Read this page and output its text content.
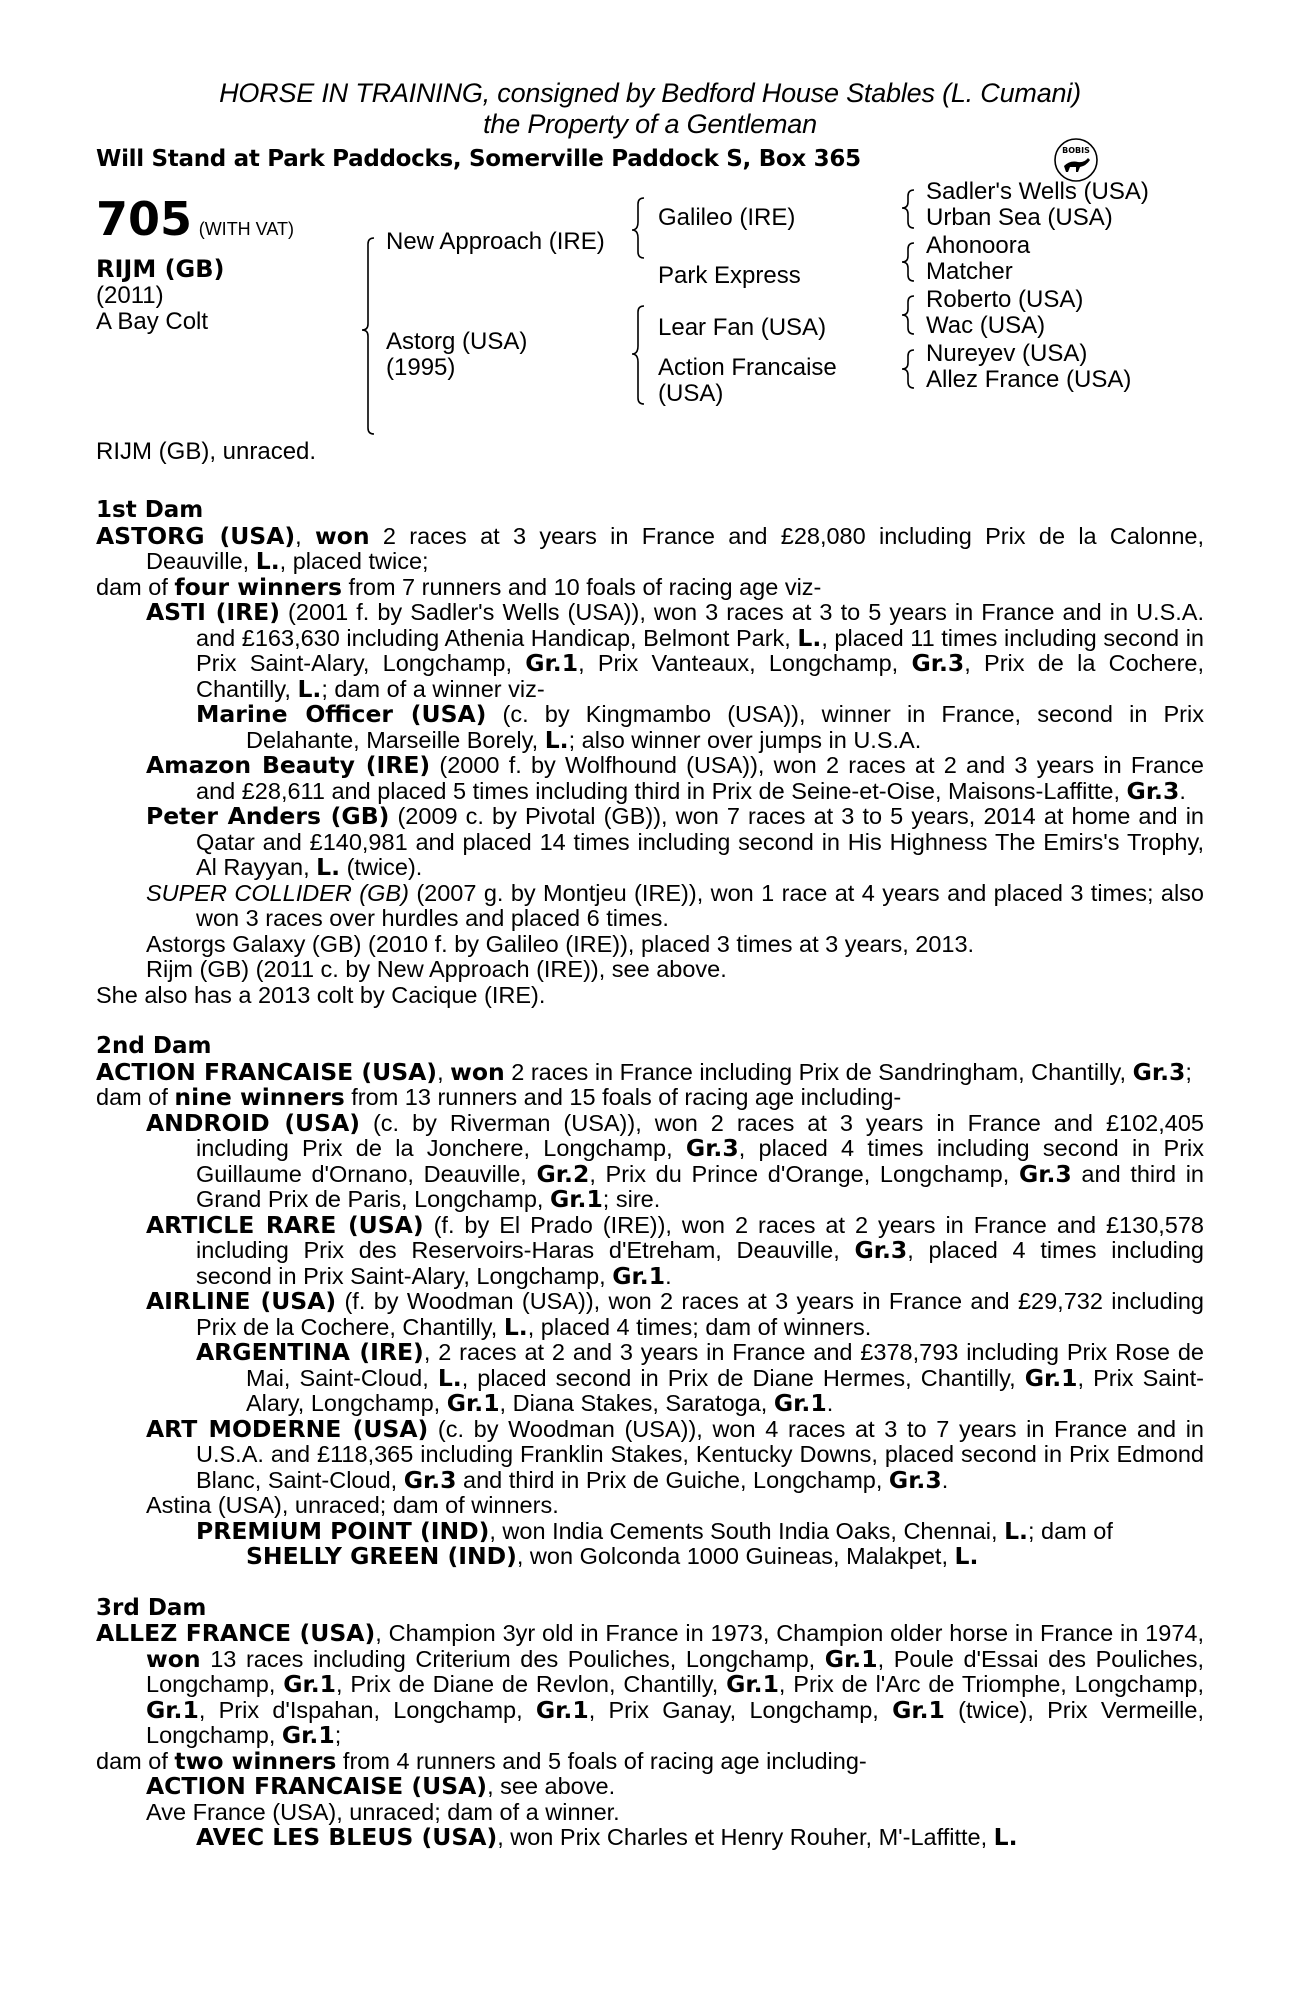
HORSE IN TRAINING, consigned by Bedford House Stables (L. Cumani)
the Property of a Gentleman
Will Stand at Park Paddocks, Somerville Paddock S, Box 365
705 (WITH VAT)
RIJM (GB)
(2011)
A Bay Colt
New Approach (IRE)
Astorg (USA)
(1995)
Galileo (IRE)
Park Express
Lear Fan (USA)
Action Francaise
(USA)
Sadler's Wells (USA)
Urban Sea (USA)
Ahonoora
Matcher
Roberto (USA)
Wac (USA)
Nureyev (USA)
Allez France (USA)
RIJM (GB), unraced.

1st Dam

ASTORG (USA), won 2 races at 3 years in France and £28,080 including Prix de la Calonne, Deauville, L., placed twice;

dam of four winners from 7 runners and 10 foals of racing age viz-

ASTI (IRE) (2001 f. by Sadler's Wells (USA)), won 3 races at 3 to 5 years in France and in U.S.A. and £163,630 including Athenia Handicap, Belmont Park, L., placed 11 times including second in Prix Saint-Alary, Longchamp, Gr.1, Prix Vanteaux, Longchamp, Gr.3, Prix de la Cochere, Chantilly, L.; dam of a winner viz-

Marine Officer (USA) (c. by Kingmambo (USA)), winner in France, second in Prix Delahante, Marseille Borely, L.; also winner over jumps in U.S.A.

Amazon Beauty (IRE) (2000 f. by Wolfhound (USA)), won 2 races at 2 and 3 years in France and £28,611 and placed 5 times including third in Prix de Seine-et-Oise, Maisons-Laffitte, Gr.3.

Peter Anders (GB) (2009 c. by Pivotal (GB)), won 7 races at 3 to 5 years, 2014 at home and in Qatar and £140,981 and placed 14 times including second in His Highness The Emirs's Trophy, Al Rayyan, L. (twice).

SUPER COLLIDER (GB) (2007 g. by Montjeu (IRE)), won 1 race at 4 years and placed 3 times; also won 3 races over hurdles and placed 6 times.

Astorgs Galaxy (GB) (2010 f. by Galileo (IRE)), placed 3 times at 3 years, 2013.

Rijm (GB) (2011 c. by New Approach (IRE)), see above.

She also has a 2013 colt by Cacique (IRE).

2nd Dam

ACTION FRANCAISE (USA), won 2 races in France including Prix de Sandringham, Chantilly, Gr.3;

dam of nine winners from 13 runners and 15 foals of racing age including-

ANDROID (USA) (c. by Riverman (USA)), won 2 races at 3 years in France and £102,405 including Prix de la Jonchere, Longchamp, Gr.3, placed 4 times including second in Prix Guillaume d'Ornano, Deauville, Gr.2, Prix du Prince d'Orange, Longchamp, Gr.3 and third in Grand Prix de Paris, Longchamp, Gr.1; sire.

ARTICLE RARE (USA) (f. by El Prado (IRE)), won 2 races at 2 years in France and £130,578 including Prix des Reservoirs-Haras d'Etreham, Deauville, Gr.3, placed 4 times including second in Prix Saint-Alary, Longchamp, Gr.1.

AIRLINE (USA) (f. by Woodman (USA)), won 2 races at 3 years in France and £29,732 including Prix de la Cochere, Chantilly, L., placed 4 times; dam of winners.

ARGENTINA (IRE), 2 races at 2 and 3 years in France and £378,793 including Prix Rose de Mai, Saint-Cloud, L., placed second in Prix de Diane Hermes, Chantilly, Gr.1, Prix Saint-Alary, Longchamp, Gr.1, Diana Stakes, Saratoga, Gr.1.

ART MODERNE (USA) (c. by Woodman (USA)), won 4 races at 3 to 7 years in France and in U.S.A. and £118,365 including Franklin Stakes, Kentucky Downs, placed second in Prix Edmond Blanc, Saint-Cloud, Gr.3 and third in Prix de Guiche, Longchamp, Gr.3.

Astina (USA), unraced; dam of winners.

PREMIUM POINT (IND), won India Cements South India Oaks, Chennai, L.; dam of

SHELLY GREEN (IND), won Golconda 1000 Guineas, Malakpet, L.

3rd Dam

ALLEZ FRANCE (USA), Champion 3yr old in France in 1973, Champion older horse in France in 1974, won 13 races including Criterium des Pouliches, Longchamp, Gr.1, Poule d'Essai des Pouliches, Longchamp, Gr.1, Prix de Diane de Revlon, Chantilly, Gr.1, Prix de l'Arc de Triomphe, Longchamp, Gr.1, Prix d'Ispahan, Longchamp, Gr.1, Prix Ganay, Longchamp, Gr.1 (twice), Prix Vermeille, Longchamp, Gr.1;

dam of two winners from 4 runners and 5 foals of racing age including-

ACTION FRANCAISE (USA), see above.

Ave France (USA), unraced; dam of a winner.

AVEC LES BLEUS (USA), won Prix Charles et Henry Rouher, M'-Laffitte, L.

BOBIS
